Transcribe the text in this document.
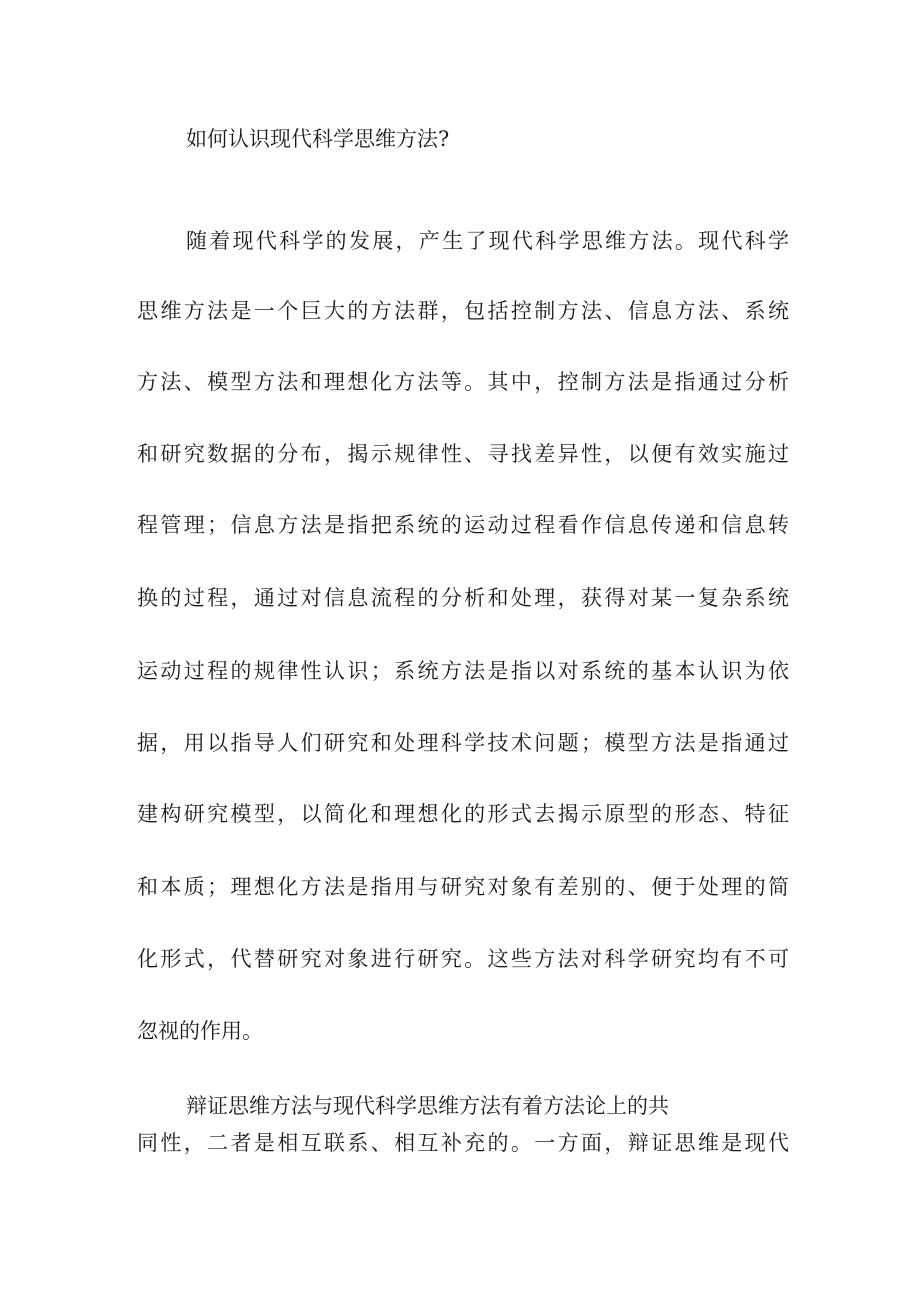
如何认识现代科学思维方法?
随着现代科学的发展，产生了现代科学思维方法。现代科学
思维方法是一个巨大的方法群，包括控制方法、信息方法、系统
方法、模型方法和理想化方法等。其中，控制方法是指通过分析
和研究数据的分布，揭示规律性、寻找差异性，以便有效实施过
程管理；信息方法是指把系统的运动过程看作信息传递和信息转
换的过程，通过对信息流程的分析和处理，获得对某一复杂系统
运动过程的规律性认识；系统方法是指以对系统的基本认识为依
据，用以指导人们研究和处理科学技术问题；模型方法是指通过
建构研究模型，以简化和理想化的形式去揭示原型的形态、特征
和本质；理想化方法是指用与研究对象有差别的、便于处理的简
化形式，代替研究对象进行研究。这些方法对科学研究均有不可
忽视的作用。
辩证思维方法与现代科学思维方法有着方法论上的共
同性，二者是相互联系、相互补充的。一方面，辩证思维是现代
